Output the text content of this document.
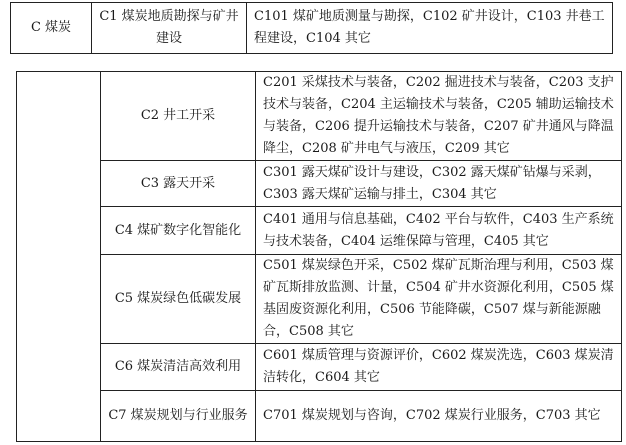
C 煤炭	C1 煤炭地质勘探与矿井建设	C101 煤矿地质测量与勘探，C102 矿井设计，C103 井巷工程建设，C104 其它
	C2 井工开采	C201 采煤技术与装备，C202 掘进技术与装备，C203 支护技术与装备，C204 主运输技术与装备，C205 辅助运输技术与装备，C206 提升运输技术与装备，C207 矿井通风与降温降尘，C208 矿井电气与液压，C209 其它
	C3 露天开采	C301 露天煤矿设计与建设，C302 露天煤矿钻爆与采剥，C303 露天煤矿运输与排土，C304 其它
	C4 煤矿数字化智能化	C401 通用与信息基础，C402 平台与软件，C403 生产系统与技术装备，C404 运维保障与管理，C405 其它
	C5 煤炭绿色低碳发展	C501 煤炭绿色开采，C502 煤矿瓦斯治理与利用，C503 煤矿瓦斯排放监测、计量，C504 矿井水资源化利用，C505 煤基固废资源化利用，C506 节能降碳，C507 煤与新能源融合，C508 其它
	C6 煤炭清洁高效利用	C601 煤质管理与资源评价，C602 煤炭洗选，C603 煤炭清洁转化，C604 其它
	C7 煤炭规划与行业服务	C701 煤炭规划与咨询，C702 煤炭行业服务，C703 其它
